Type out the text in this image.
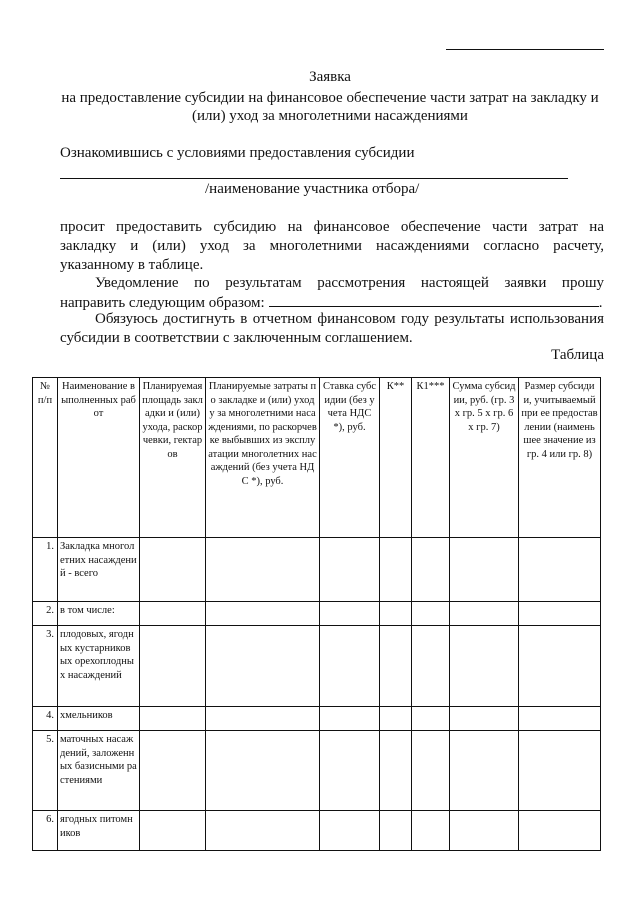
Заявка
на предоставление субсидии на финансовое обеспечение части затрат на закладку и
(или) уход за многолетними насаждениями
Ознакомившись с условиями предоставления субсидии
/наименование участника отбора/
просит предоставить субсидию на финансовое обеспечение части затрат на
закладку и (или) уход за многолетними насаждениями согласно расчету,
указанному в таблице.
Уведомление по результатам рассмотрения настоящей заявки прошу
направить следующим образом:	.
Обязуюсь достигнуть в отчетном финансовом году результаты использования
субсидии в соответствии с заключенным соглашением.
Таблица
№ п/п	Наименование выполненных работ	Планируемая площадь закладки и (или) ухода, раскорчевки, гектаров	Планируемые затраты по закладке и (или) уходу за многолетними насаждениями, по раскорчевке выбывших из эксплуатации многолетних насаждений (без учета НДС *), руб.	Ставка субсидии (без учета НДС *), руб.	К**	К1***	Сумма субсидии, руб. (гр. 3 x гр. 5 x гр. 6 x гр. 7)	Размер субсидии, учитываемый при ее предоставлении (наименьшее значение из гр. 4 или гр. 8)
1.	Закладка многолетних насаждений - всего							
2.	в том числе:							
3.	плодовых, ягодных кустарниковых орехоплодных насаждений							
4.	хмельников							
5.	маточных насаждений, заложенных базисными растениями							
6.	ягодных питомников							
